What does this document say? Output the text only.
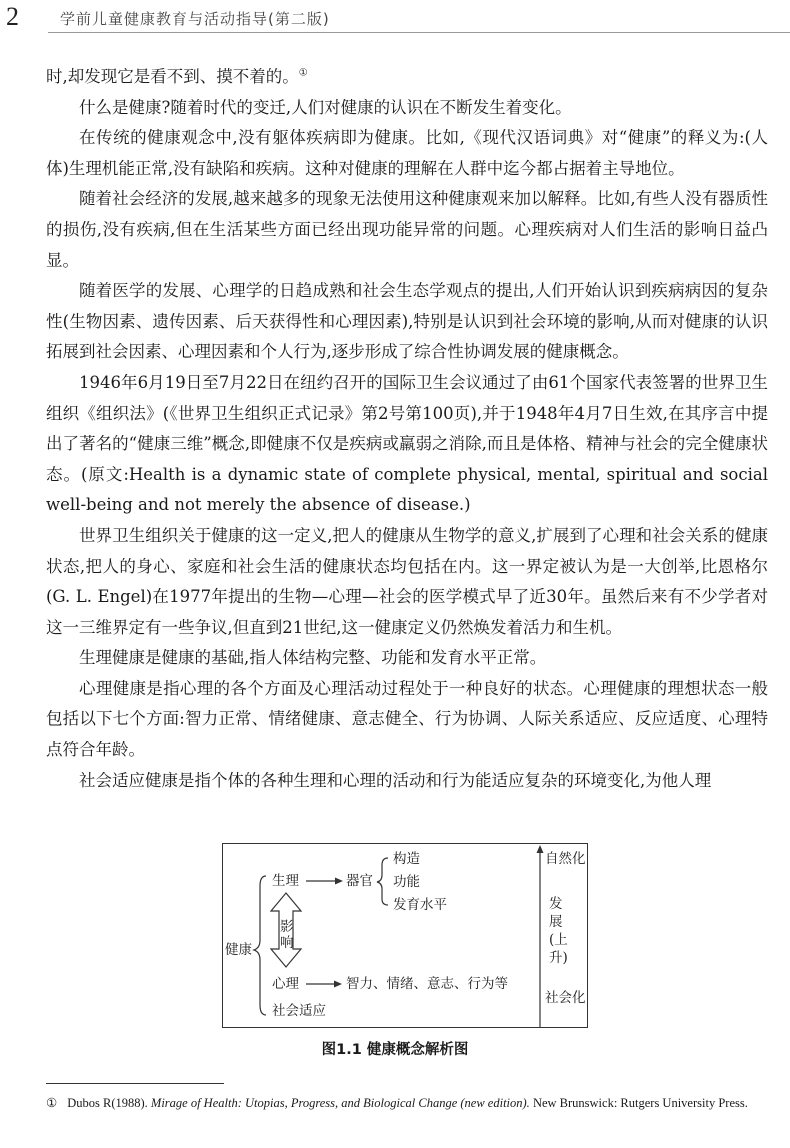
2	学前儿童健康教育与活动指导(第二版)

时,却发现它是看不到、摸不着的。①

什么是健康?随着时代的变迁,人们对健康的认识在不断发生着变化。

在传统的健康观念中,没有躯体疾病即为健康。比如,《现代汉语词典》对“健康”的释义为:(人体)生理机能正常,没有缺陷和疾病。这种对健康的理解在人群中迄今都占据着主导地位。

随着社会经济的发展,越来越多的现象无法使用这种健康观来加以解释。比如,有些人没有器质性的损伤,没有疾病,但在生活某些方面已经出现功能异常的问题。心理疾病对人们生活的影响日益凸显。

随着医学的发展、心理学的日趋成熟和社会生态学观点的提出,人们开始认识到疾病病因的复杂性(生物因素、遗传因素、后天获得性和心理因素),特别是认识到社会环境的影响,从而对健康的认识拓展到社会因素、心理因素和个人行为,逐步形成了综合性协调发展的健康概念。

1946年6月19日至7月22日在纽约召开的国际卫生会议通过了由61个国家代表签署的世界卫生组织《组织法》(《世界卫生组织正式记录》第2号第100页),并于1948年4月7日生效,在其序言中提出了著名的“健康三维”概念,即健康不仅是疾病或羸弱之消除,而且是体格、精神与社会的完全健康状态。(原文:Health is a dynamic state of complete physical, mental, spiritual and social well-being and not merely the absence of disease.)

世界卫生组织关于健康的这一定义,把人的健康从生物学的意义,扩展到了心理和社会关系的健康状态,把人的身心、家庭和社会生活的健康状态均包括在内。这一界定被认为是一大创举,比恩格尔(G. L. Engel)在1977年提出的生物—心理—社会的医学模式早了近30年。虽然后来有不少学者对这一三维界定有一些争议,但直到21世纪,这一健康定义仍然焕发着活力和生机。

生理健康是健康的基础,指人体结构完整、功能和发育水平正常。

心理健康是指心理的各个方面及心理活动过程处于一种良好的状态。心理健康的理想状态一般包括以下七个方面:智力正常、情绪健康、意志健全、行为协调、人际关系适应、反应适度、心理特点符合年龄。

社会适应健康是指个体的各种生理和心理的活动和行为能适应复杂的环境变化,为他人理

健康
生理	器官
构造
功能
发育水平
影响
心理	智力、情绪、意志、行为等
社会适应
自然化
发展(上升)
社会化
图1.1 健康概念解析图
① Dubos R(1988). Mirage of Health: Utopias, Progress, and Biological Change (new edition). New Brunswick: Rutgers University Press.
